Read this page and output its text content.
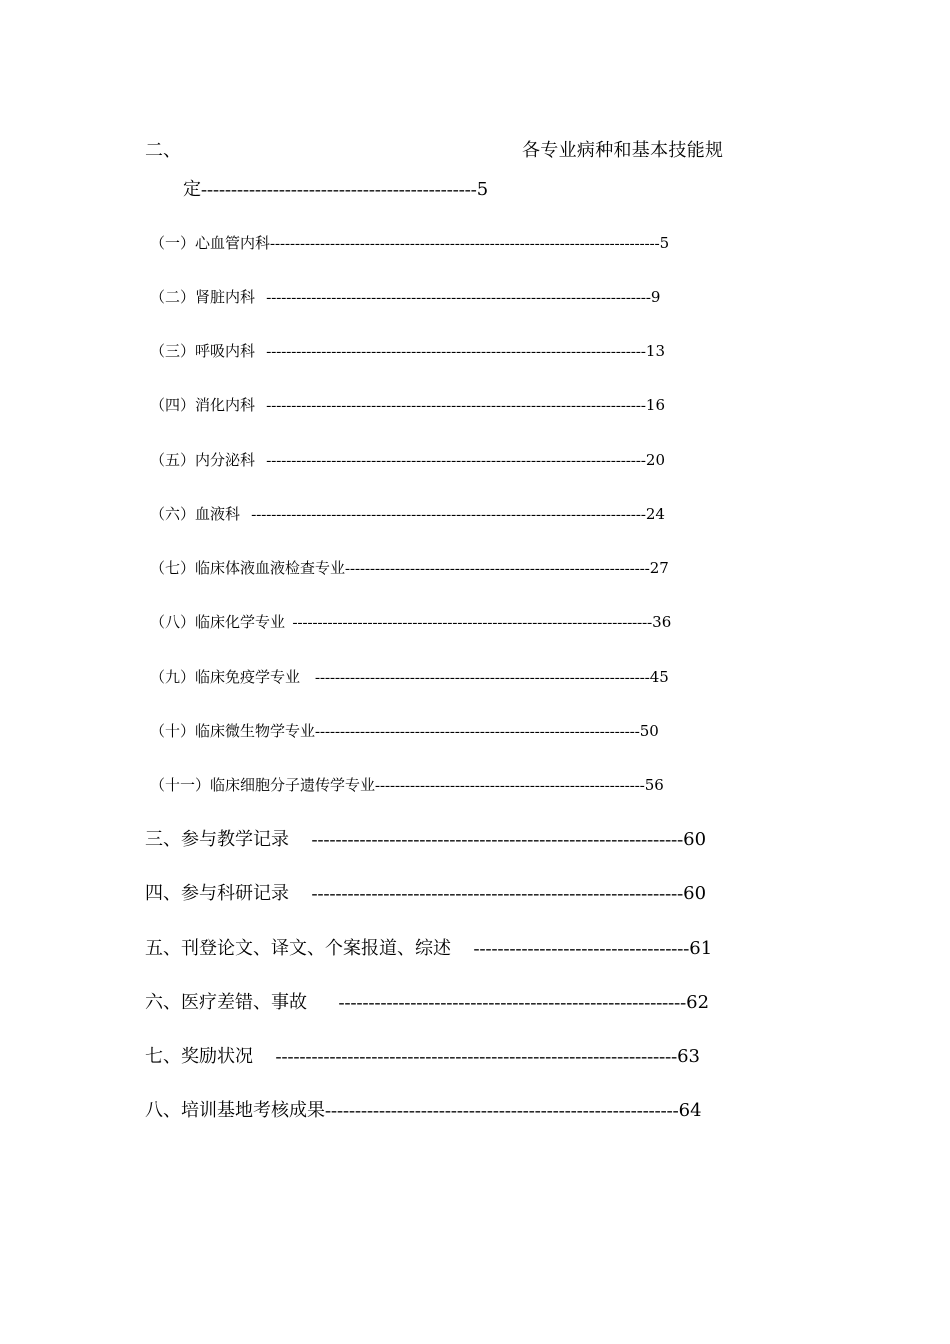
二、	各专业病种和基本技能规
定----------------------------------------------5
（一）心血管内科------------------------------------------------------------------------------5
（二）肾脏内科   -----------------------------------------------------------------------------9
（三）呼吸内科   ----------------------------------------------------------------------------13
（四）消化内科   ----------------------------------------------------------------------------16
（五）内分泌科   ----------------------------------------------------------------------------20
（六）血液科   -------------------------------------------------------------------------------24
（七）临床体液血液检查专业-------------------------------------------------------------27
（八）临床化学专业  ------------------------------------------------------------------------36
（九）临床免疫学专业    -------------------------------------------------------------------45
（十）临床微生物学专业-----------------------------------------------------------------50
（十一）临床细胞分子遗传学专业------------------------------------------------------56
三、参与教学记录     --------------------------------------------------------------60
四、参与科研记录     --------------------------------------------------------------60
五、刊登论文、译文、个案报道、综述     ------------------------------------61
六、医疗差错、事故       ----------------------------------------------------------62
七、奖励状况     -------------------------------------------------------------------63
八、培训基地考核成果-----------------------------------------------------------64
